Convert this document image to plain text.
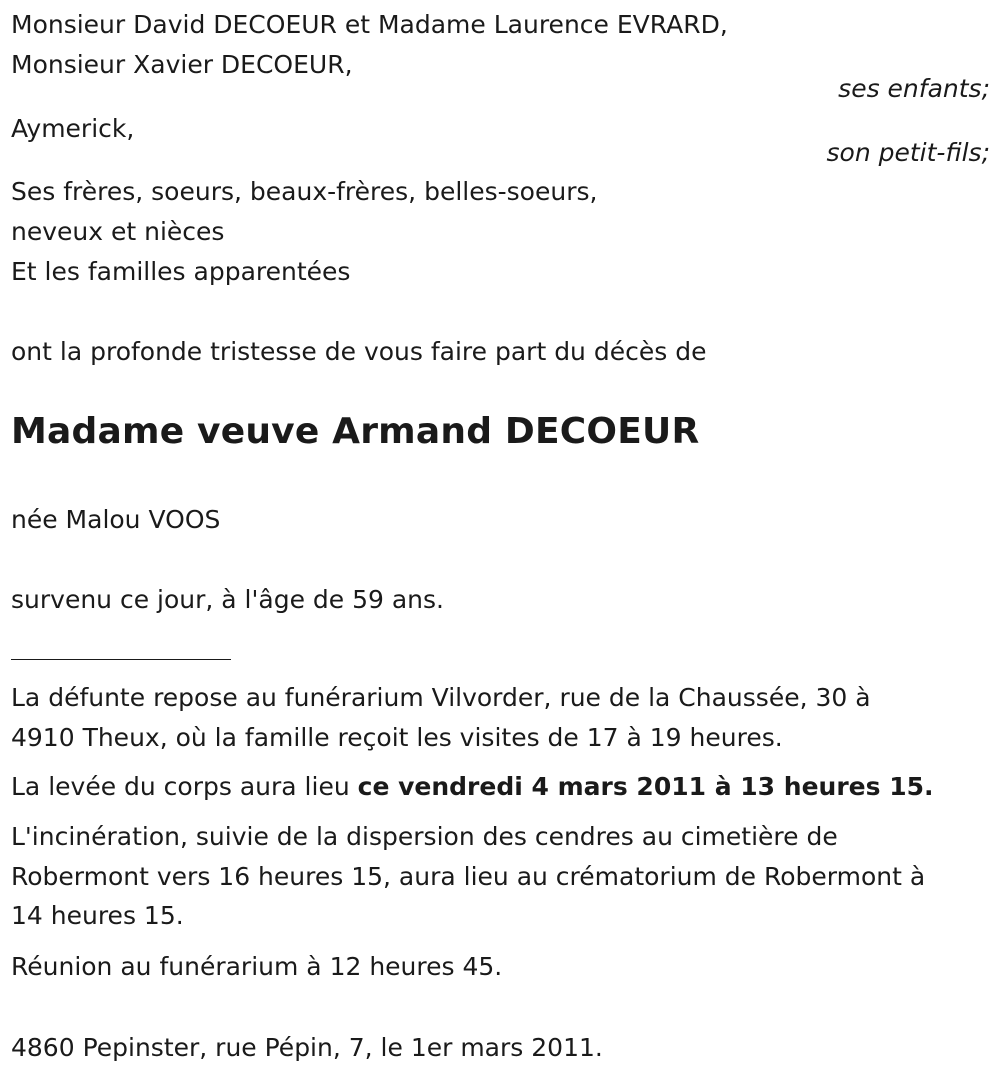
Monsieur David DECOEUR et Madame Laurence EVRARD,
Monsieur Xavier DECOEUR,
ses enfants;
Aymerick,
son petit-fils;
Ses frères, soeurs, beaux-frères, belles-soeurs,
neveux et nièces
Et les familles apparentées
ont la profonde tristesse de vous faire part du décès de
Madame veuve Armand DECOEUR
née Malou VOOS
survenu ce jour, à l'âge de 59 ans.
La défunte repose au funérarium Vilvorder, rue de la Chaussée, 30 à
4910 Theux, où la famille reçoit les visites de 17 à 19 heures.
La levée du corps aura lieu ce vendredi 4 mars 2011 à 13 heures 15.
L'incinération, suivie de la dispersion des cendres au cimetière de
Robermont vers 16 heures 15, aura lieu au crématorium de Robermont à
14 heures 15.
Réunion au funérarium à 12 heures 45.
4860 Pepinster, rue Pépin, 7, le 1er mars 2011.
